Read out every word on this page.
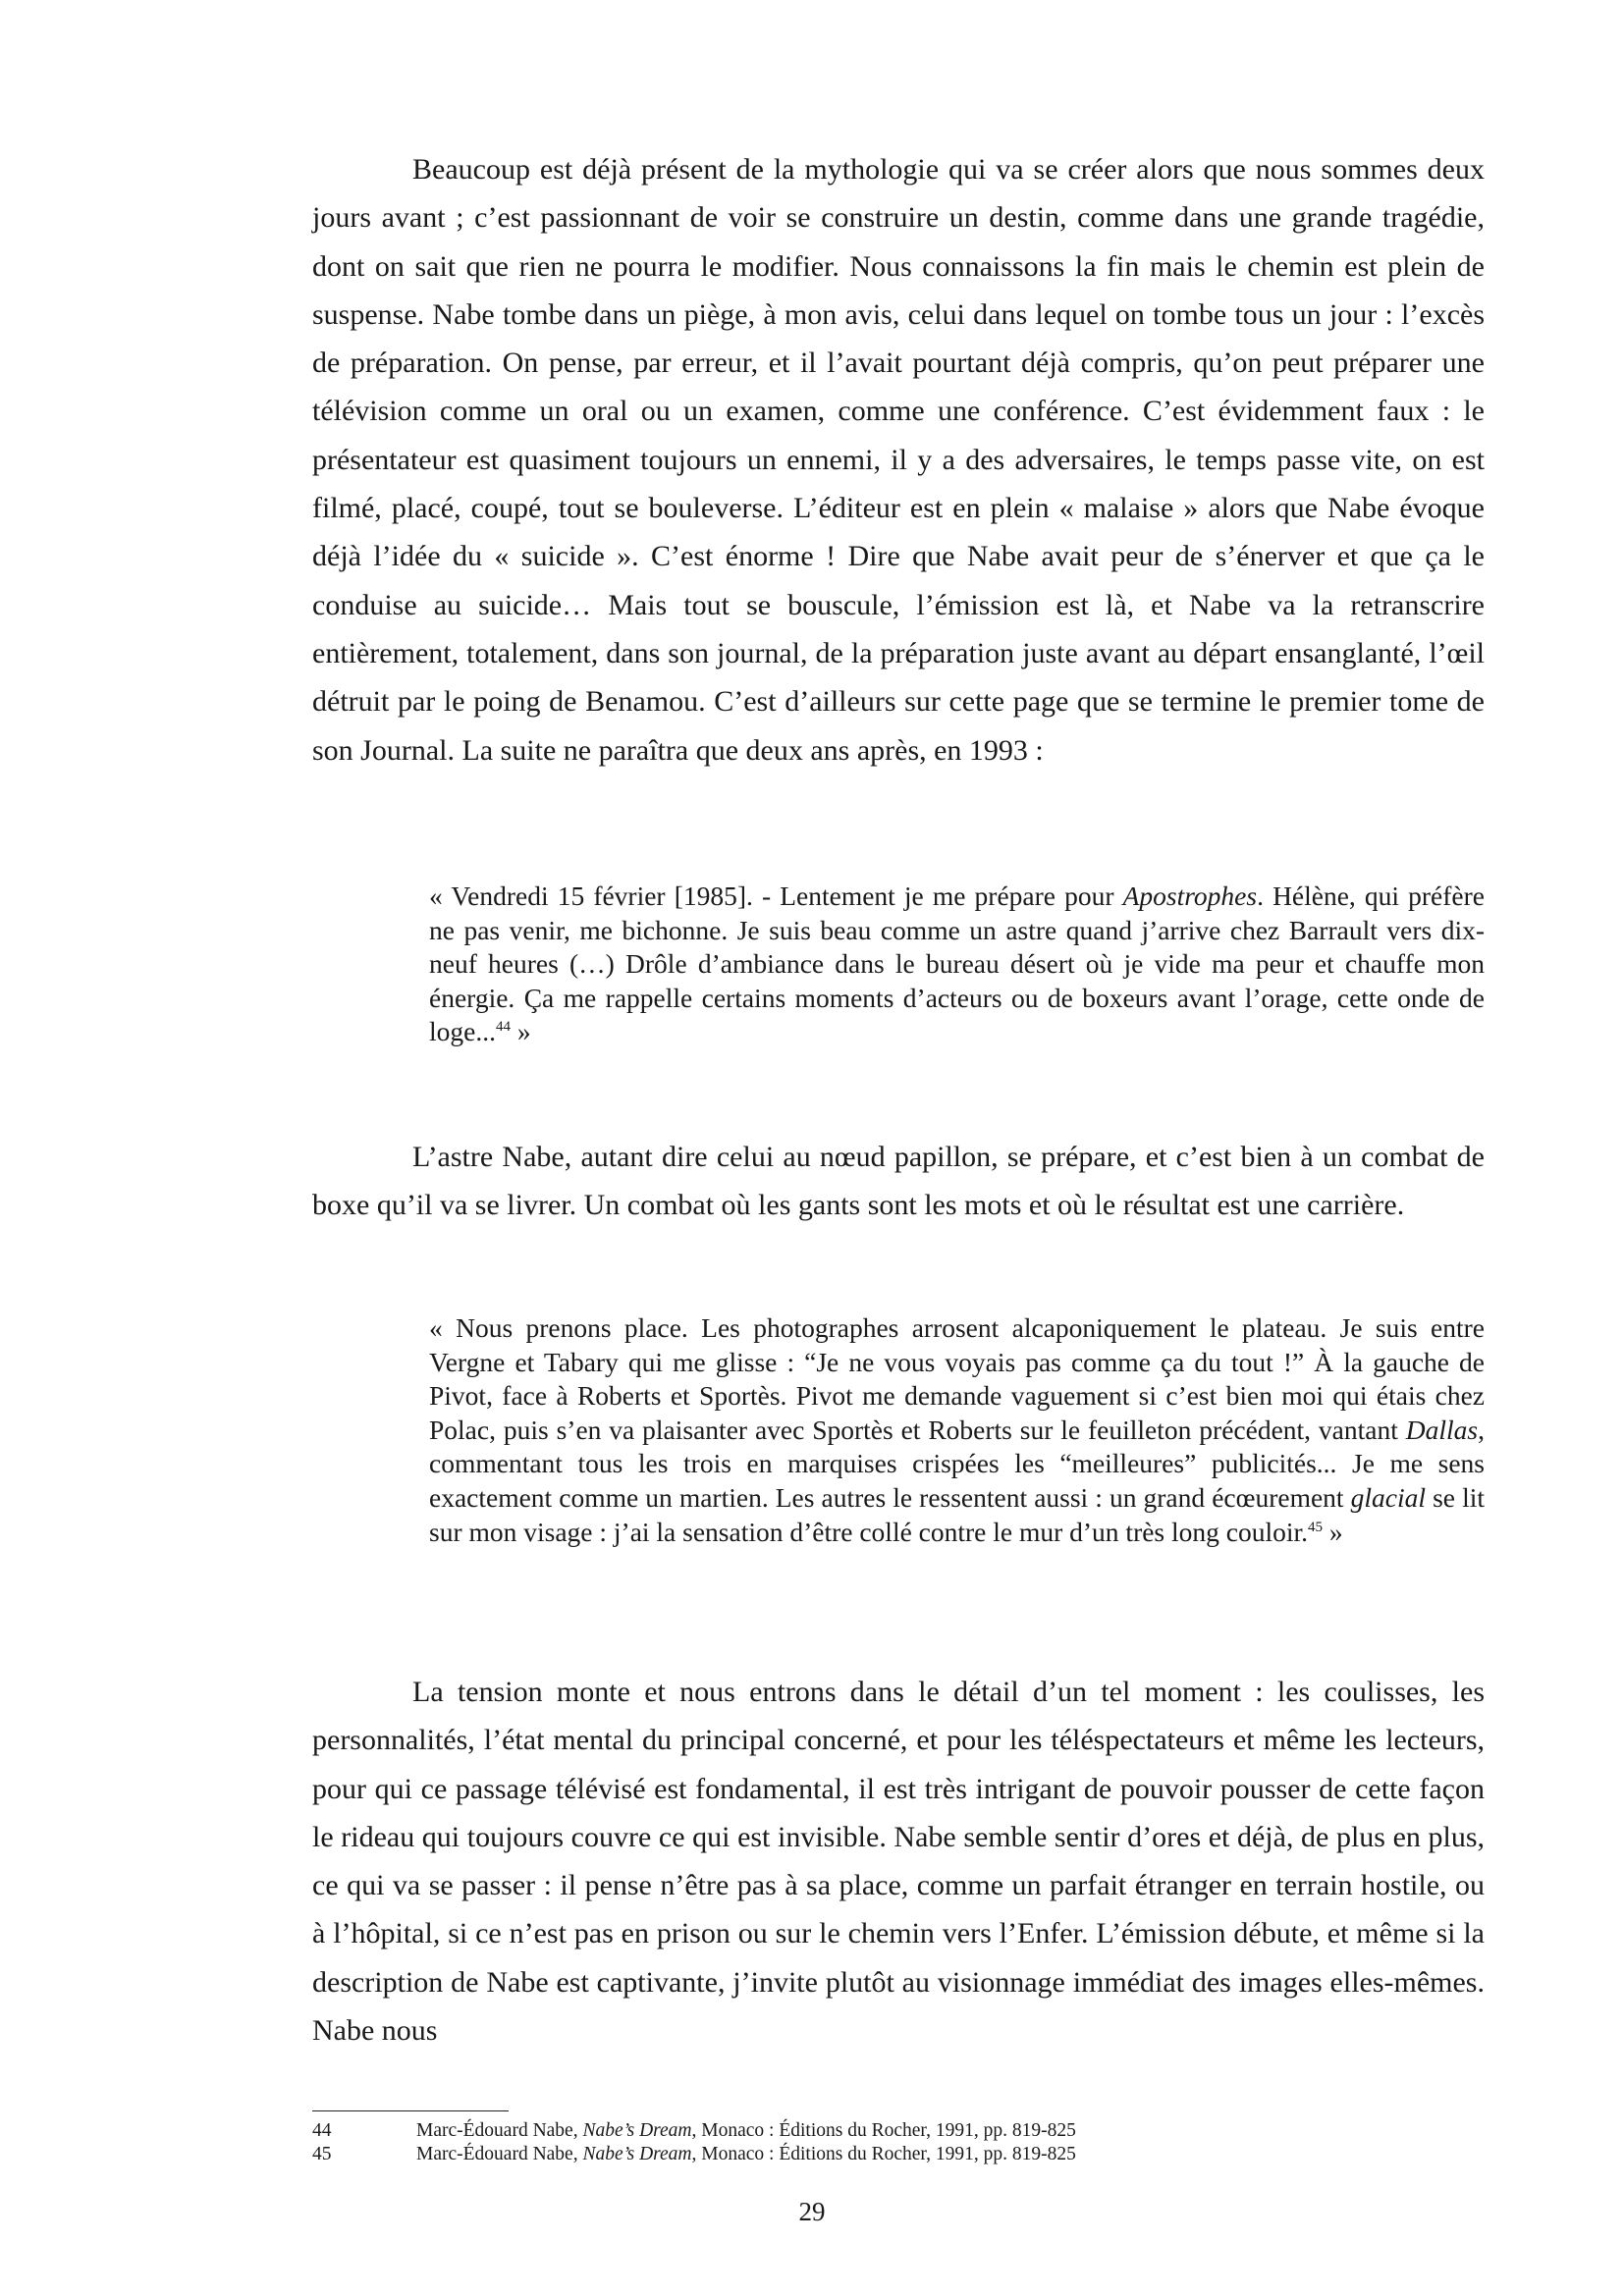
Beaucoup est déjà présent de la mythologie qui va se créer alors que nous sommes deux jours avant ; c’est passionnant de voir se construire un destin, comme dans une grande tragédie, dont on sait que rien ne pourra le modifier. Nous connaissons la fin mais le chemin est plein de suspense. Nabe tombe dans un piège, à mon avis, celui dans lequel on tombe tous un jour : l’excès de préparation. On pense, par erreur, et il l’avait pourtant déjà compris, qu’on peut préparer une télévision comme un oral ou un examen, comme une conférence. C’est évidemment faux : le présentateur est quasiment toujours un ennemi, il y a des adversaires, le temps passe vite, on est filmé, placé, coupé, tout se bouleverse. L’éditeur est en plein « malaise » alors que Nabe évoque déjà l’idée du « suicide ». C’est énorme ! Dire que Nabe avait peur de s’énerver et que ça le conduise au suicide… Mais tout se bouscule, l’émission est là, et Nabe va la retranscrire entièrement, totalement, dans son journal, de la préparation juste avant au départ ensanglanté, l’œil détruit par le poing de Benamou. C’est d’ailleurs sur cette page que se termine le premier tome de son Journal. La suite ne paraîtra que deux ans après, en 1993 :

« Vendredi 15 février [1985]. - Lentement je me prépare pour Apostrophes. Hélène, qui préfère ne pas venir, me bichonne. Je suis beau comme un astre quand j’arrive chez Barrault vers dix-neuf heures (…) Drôle d’ambiance dans le bureau désert où je vide ma peur et chauffe mon énergie. Ça me rappelle certains moments d’acteurs ou de boxeurs avant l’orage, cette onde de loge...$^{44}$ »

L’astre Nabe, autant dire celui au nœud papillon, se prépare, et c’est bien à un combat de boxe qu’il va se livrer. Un combat où les gants sont les mots et où le résultat est une carrière.

« Nous prenons place. Les photographes arrosent alcaponiquement le plateau. Je suis entre Vergne et Tabary qui me glisse : “Je ne vous voyais pas comme ça du tout !” À la gauche de Pivot, face à Roberts et Sportès. Pivot me demande vaguement si c’est bien moi qui étais chez Polac, puis s’en va plaisanter avec Sportès et Roberts sur le feuilleton précédent, vantant Dallas, commentant tous les trois en marquises crispées les “meilleures” publicités... Je me sens exactement comme un martien. Les autres le ressentent aussi : un grand écœurement glacial se lit sur mon visage : j’ai la sensation d’être collé contre le mur d’un très long couloir.$^{45}$ »

La tension monte et nous entrons dans le détail d’un tel moment : les coulisses, les personnalités, l’état mental du principal concerné, et pour les téléspectateurs et même les lecteurs, pour qui ce passage télévisé est fondamental, il est très intrigant de pouvoir pousser de cette façon le rideau qui toujours couvre ce qui est invisible. Nabe semble sentir d’ores et déjà, de plus en plus, ce qui va se passer : il pense n’être pas à sa place, comme un parfait étranger en terrain hostile, ou à l’hôpital, si ce n’est pas en prison ou sur le chemin vers l’Enfer. L’émission débute, et même si la description de Nabe est captivante, j’invite plutôt au visionnage immédiat des images elles-mêmes. Nabe nous

44	Marc-Édouard Nabe, Nabe’s Dream, Monaco : Éditions du Rocher, 1991, pp. 819-825
45	Marc-Édouard Nabe, Nabe’s Dream, Monaco : Éditions du Rocher, 1991, pp. 819-825
29
